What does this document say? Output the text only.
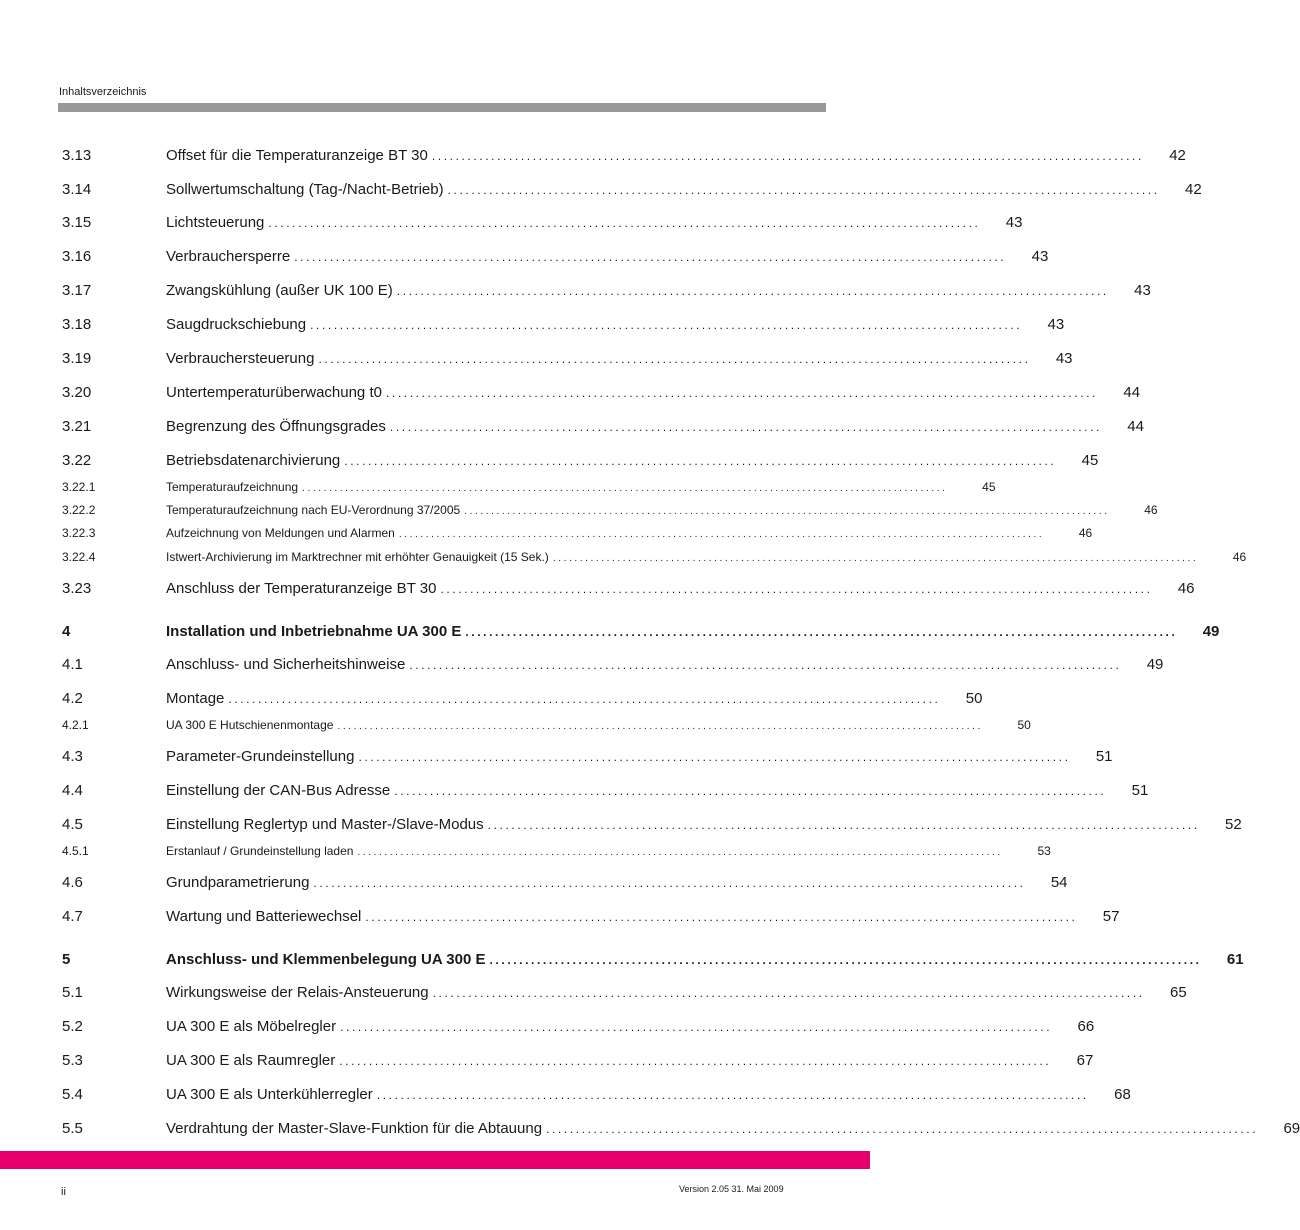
Inhaltsverzeichnis
3.13	Offset für die Temperaturanzeige BT 30 ........................................................................................................................ 42
3.14	Sollwertumschaltung (Tag-/Nacht-Betrieb) ........................................................................................................................ 42
3.15	Lichtsteuerung ........................................................................................................................ 43
3.16	Verbrauchersperre ........................................................................................................................ 43
3.17	Zwangskühlung (außer UK 100 E) ........................................................................................................................ 43
3.18	Saugdruckschiebung ........................................................................................................................ 43
3.19	Verbrauchersteuerung ........................................................................................................................ 43
3.20	Untertemperaturüberwachung t0 ........................................................................................................................ 44
3.21	Begrenzung des Öffnungsgrades ........................................................................................................................ 44
3.22	Betriebsdatenarchivierung ........................................................................................................................ 45
3.22.1	Temperaturaufzeichnung ........................................................................................................................	45
3.22.2	Temperaturaufzeichnung nach EU-Verordnung 37/2005 ........................................................................................................................	46
3.22.3	Aufzeichnung von Meldungen und Alarmen ........................................................................................................................	46
3.22.4	Istwert-Archivierung im Marktrechner mit erhöhter Genauigkeit (15 Sek.) ........................................................................................................................	46
3.23	Anschluss der Temperaturanzeige BT 30 ........................................................................................................................ 46
4	Installation und Inbetriebnahme UA 300 E ........................................................................................................................ 49
4.1	Anschluss- und Sicherheitshinweise ........................................................................................................................ 49
4.2	Montage ........................................................................................................................ 50
4.2.1	UA 300 E Hutschienenmontage ........................................................................................................................	50
4.3	Parameter-Grundeinstellung ........................................................................................................................ 51
4.4	Einstellung der CAN-Bus Adresse ........................................................................................................................ 51
4.5	Einstellung Reglertyp und Master-/Slave-Modus ........................................................................................................................ 52
4.5.1	Erstanlauf / Grundeinstellung laden ........................................................................................................................	53
4.6	Grundparametrierung ........................................................................................................................ 54
4.7	Wartung und Batteriewechsel ........................................................................................................................ 57
5	Anschluss- und Klemmenbelegung UA 300 E ........................................................................................................................ 61
5.1	Wirkungsweise der Relais-Ansteuerung ........................................................................................................................ 65
5.2	UA 300 E als Möbelregler ........................................................................................................................ 66
5.3	UA 300 E als Raumregler ........................................................................................................................ 67
5.4	UA 300 E als Unterkühlerregler ........................................................................................................................ 68
5.5	Verdrahtung der Master-Slave-Funktion für die Abtauung ........................................................................................................................ 69
ii	Version 2.05 31. Mai 2009
